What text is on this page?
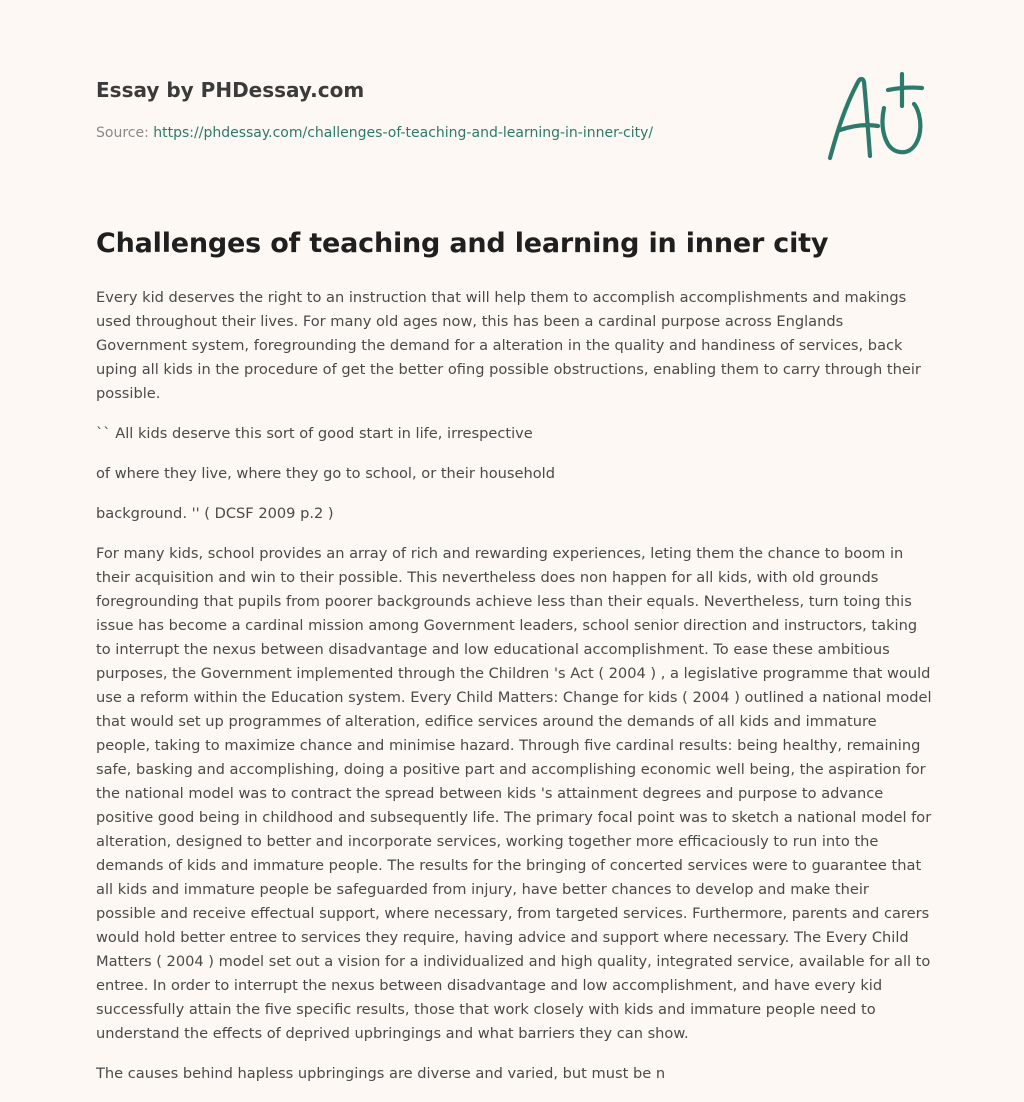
Essay by PHDessay.com

Source: https://phdessay.com/challenges-of-teaching-and-learning-in-inner-city/

Challenges of teaching and learning in inner city

Every kid deserves the right to an instruction that will help them to accomplish accomplishments and makings used throughout their lives. For many old ages now, this has been a cardinal purpose across Englands Government system, foregrounding the demand for a alteration in the quality and handiness of services, back uping all kids in the procedure of get the better ofing possible obstructions, enabling them to carry through their possible.

`` All kids deserve this sort of good start in life, irrespective

of where they live, where they go to school, or their household

background. '' ( DCSF 2009 p.2 )

For many kids, school provides an array of rich and rewarding experiences, leting them the chance to boom in their acquisition and win to their possible. This nevertheless does non happen for all kids, with old grounds foregrounding that pupils from poorer backgrounds achieve less than their equals. Nevertheless, turn toing this issue has become a cardinal mission among Government leaders, school senior direction and instructors, taking to interrupt the nexus between disadvantage and low educational accomplishment. To ease these ambitious purposes, the Government implemented through the Children 's Act ( 2004 ) , a legislative programme that would use a reform within the Education system. Every Child Matters: Change for kids ( 2004 ) outlined a national model that would set up programmes of alteration, edifice services around the demands of all kids and immature people, taking to maximize chance and minimise hazard. Through five cardinal results: being healthy, remaining safe, basking and accomplishing, doing a positive part and accomplishing economic well being, the aspiration for the national model was to contract the spread between kids 's attainment degrees and purpose to advance positive good being in childhood and subsequently life. The primary focal point was to sketch a national model for alteration, designed to better and incorporate services, working together more efficaciously to run into the demands of kids and immature people. The results for the bringing of concerted services were to guarantee that all kids and immature people be safeguarded from injury, have better chances to develop and make their possible and receive effectual support, where necessary, from targeted services. Furthermore, parents and carers would hold better entree to services they require, having advice and support where necessary. The Every Child Matters ( 2004 ) model set out a vision for a individualized and high quality, integrated service, available for all to entree. In order to interrupt the nexus between disadvantage and low accomplishment, and have every kid successfully attain the five specific results, those that work closely with kids and immature people need to understand the effects of deprived upbringings and what barriers they can show.

The causes behind hapless upbringings are diverse and varied, but must be n
